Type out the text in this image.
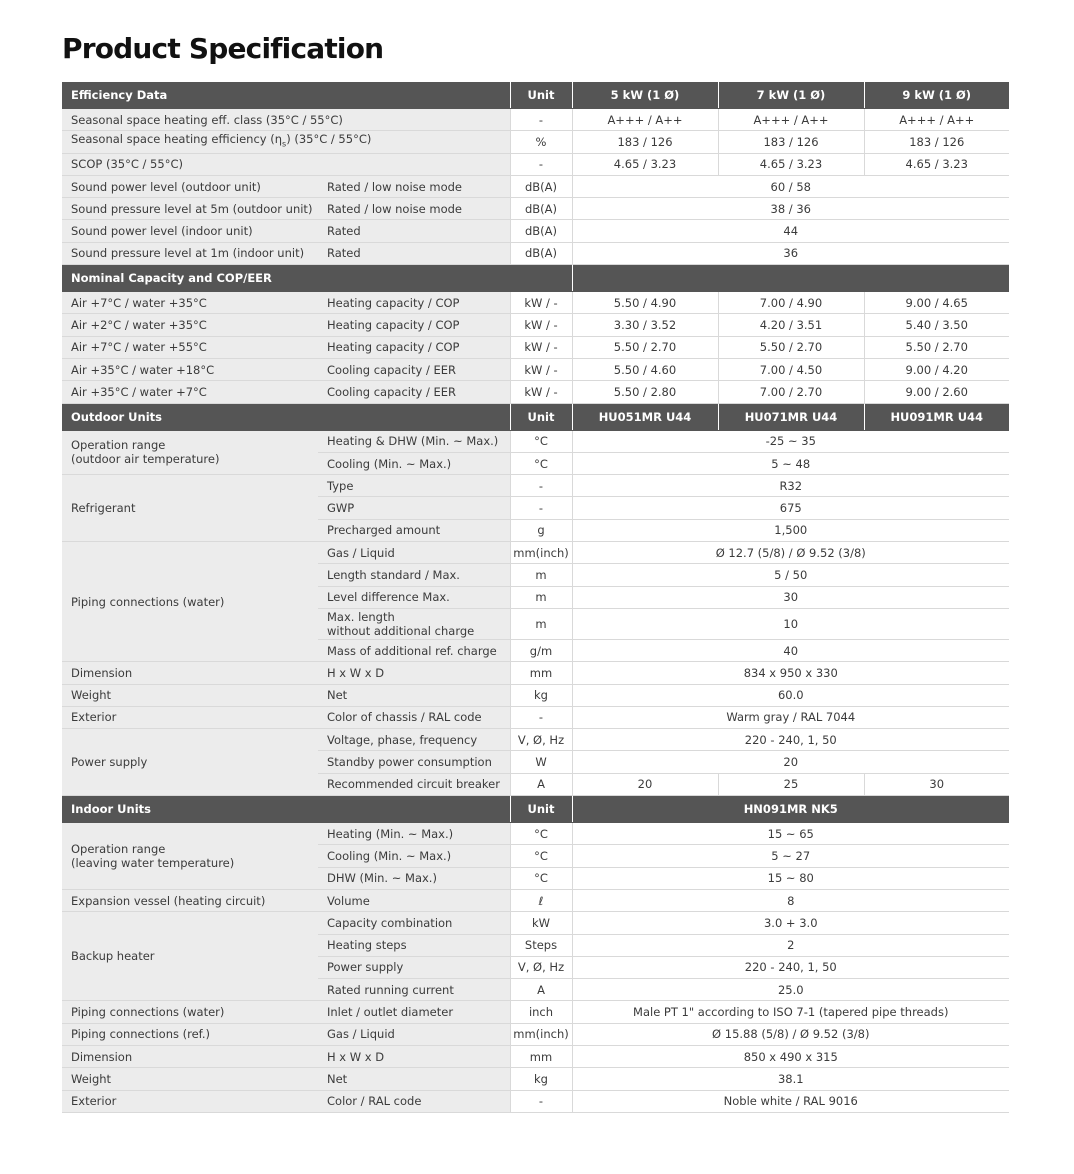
Product Specification
Efficiency Data		Unit	5 kW (1 Ø)	7 kW (1 Ø)	9 kW (1 Ø)
Seasonal space heating eff. class (35°C / 55°C)		-	A+++ / A++	A+++ / A++	A+++ / A++
Seasonal space heating efficiency $(\eta_s)$ (35°C / 55°C)		%	183 / 126	183 / 126	183 / 126
SCOP (35°C / 55°C)		-	4.65 / 3.23	4.65 / 3.23	4.65 / 3.23
Sound power level (outdoor unit)	Rated / low noise mode	dB(A)	60 / 58		
Sound pressure level at 5m (outdoor unit)	Rated / low noise mode	dB(A)	38 / 36		
Sound power level (indoor unit)	Rated	dB(A)	44		
Sound pressure level at 1m (indoor unit)	Rated	dB(A)	36		
Nominal Capacity and COP/EER					
Air +7°C / water +35°C	Heating capacity / COP	kW / -	5.50 / 4.90	7.00 / 4.90	9.00 / 4.65
Air +2°C / water +35°C	Heating capacity / COP	kW / -	3.30 / 3.52	4.20 / 3.51	5.40 / 3.50
Air +7°C / water +55°C	Heating capacity / COP	kW / -	5.50 / 2.70	5.50 / 2.70	5.50 / 2.70
Air +35°C / water +18°C	Cooling capacity / EER	kW / -	5.50 / 4.60	7.00 / 4.50	9.00 / 4.20
Air +35°C / water +7°C	Cooling capacity / EER	kW / -	5.50 / 2.80	7.00 / 2.70	9.00 / 2.60
Outdoor Units		Unit	HU051MR U44	HU071MR U44	HU091MR U44
Operation range
(outdoor air temperature)	Heating & DHW (Min. ~ Max.)	°C	-25 ~ 35		
	Cooling (Min. ~ Max.)	°C	5 ~ 48		
Refrigerant	Type	-	R32		
	GWP	-	675		
	Precharged amount	g	1,500		
Piping connections (water)	Gas / Liquid	mm(inch)	Ø 12.7 (5/8) / Ø 9.52 (3/8)		
	Length standard / Max.	m	5 / 50		
	Level difference Max.	m	30		
	Max. length
without additional charge	m	10		
	Mass of additional ref. charge	g/m	40		
Dimension	H x W x D	mm	834 x 950 x 330		
Weight	Net	kg	60.0		
Exterior	Color of chassis / RAL code	-	Warm gray / RAL 7044		
Power supply	Voltage, phase, frequency	V, Ø, Hz	220 - 240, 1, 50		
	Standby power consumption	W	20		
	Recommended circuit breaker	A	20	25	30
Indoor Units		Unit	HN091MR NK5		
Operation range
(leaving water temperature)	Heating (Min. ~ Max.)	°C	15 ~ 65		
	Cooling (Min. ~ Max.)	°C	5 ~ 27		
	DHW (Min. ~ Max.)	°C	15 ~ 80		
Expansion vessel (heating circuit)	Volume	ℓ	8		
Backup heater	Capacity combination	kW	3.0 + 3.0		
	Heating steps	Steps	2		
	Power supply	V, Ø, Hz	220 - 240, 1, 50		
	Rated running current	A	25.0		
Piping connections (water)	Inlet / outlet diameter	inch	Male PT 1" according to ISO 7-1 (tapered pipe threads)		
Piping connections (ref.)	Gas / Liquid	mm(inch)	Ø 15.88 (5/8) / Ø 9.52 (3/8)		
Dimension	H x W x D	mm	850 x 490 x 315		
Weight	Net	kg	38.1		
Exterior	Color / RAL code	-	Noble white / RAL 9016		
